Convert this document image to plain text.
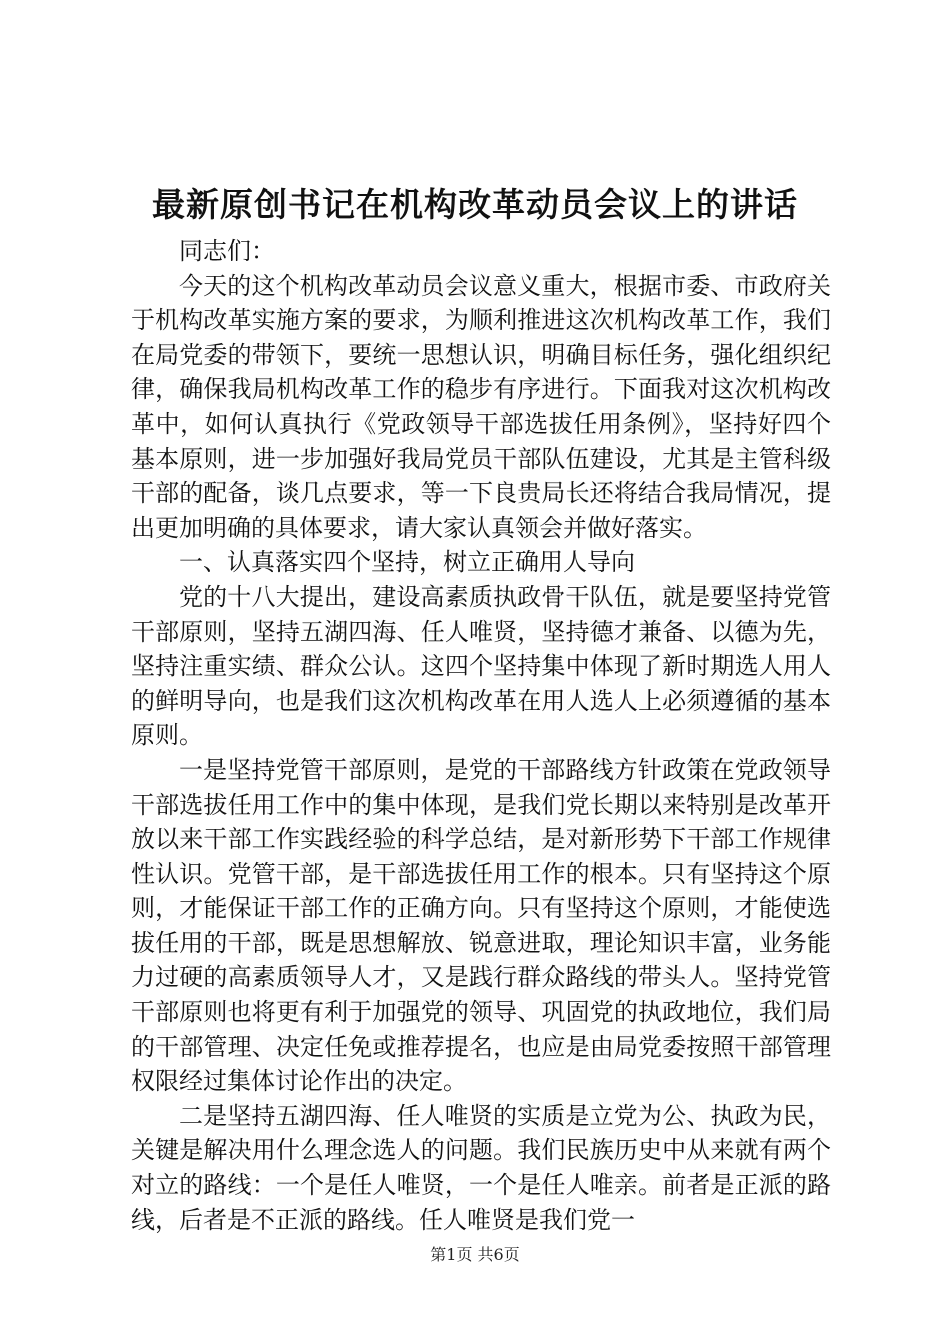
最新原创书记在机构改革动员会议上的讲话

同志们：

今天的这个机构改革动员会议意义重大，根据市委、市政府关于机构改革实施方案的要求，为顺利推进这次机构改革工作，我们在局党委的带领下，要统一思想认识，明确目标任务，强化组织纪律，确保我局机构改革工作的稳步有序进行。下面我对这次机构改革中，如何认真执行《党政领导干部选拔任用条例》，坚持好四个基本原则，进一步加强好我局党员干部队伍建设，尤其是主管科级干部的配备，谈几点要求，等一下良贵局长还将结合我局情况，提出更加明确的具体要求，请大家认真领会并做好落实。

一、认真落实四个坚持，树立正确用人导向

党的十八大提出，建设高素质执政骨干队伍，就是要坚持党管干部原则，坚持五湖四海、任人唯贤，坚持德才兼备、以德为先，坚持注重实绩、群众公认。这四个坚持集中体现了新时期选人用人的鲜明导向，也是我们这次机构改革在用人选人上必须遵循的基本原则。

一是坚持党管干部原则，是党的干部路线方针政策在党政领导干部选拔任用工作中的集中体现，是我们党长期以来特别是改革开放以来干部工作实践经验的科学总结，是对新形势下干部工作规律性认识。党管干部，是干部选拔任用工作的根本。只有坚持这个原则，才能保证干部工作的正确方向。只有坚持这个原则，才能使选拔任用的干部，既是思想解放、锐意进取，理论知识丰富，业务能力过硬的高素质领导人才，又是践行群众路线的带头人。坚持党管干部原则也将更有利于加强党的领导、巩固党的执政地位，我们局的干部管理、决定任免或推荐提名，也应是由局党委按照干部管理权限经过集体讨论作出的决定。

二是坚持五湖四海、任人唯贤的实质是立党为公、执政为民，关键是解决用什么理念选人的问题。我们民族历史中从来就有两个对立的路线：一个是任人唯贤，一个是任人唯亲。前者是正派的路线，后者是不正派的路线。任人唯贤是我们党一

第1页 共6页
